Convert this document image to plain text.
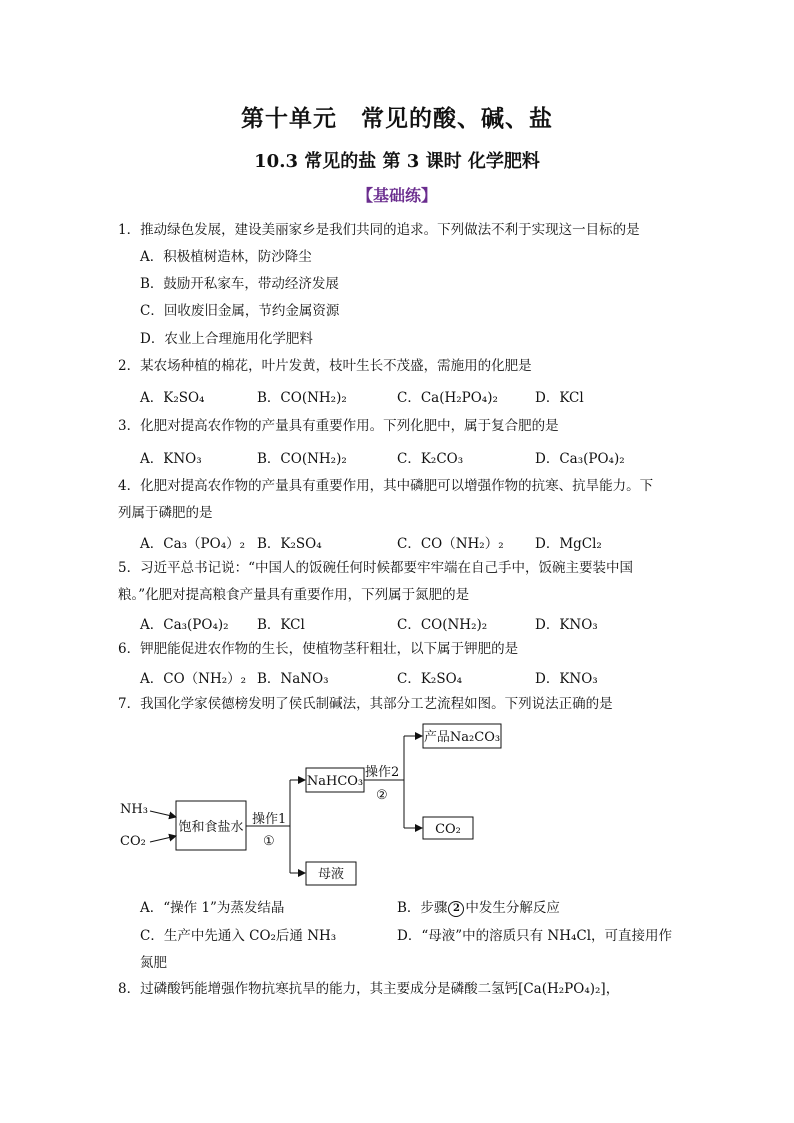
第十单元　常见的酸、碱、盐
10.3 常见的盐 第 3 课时 化学肥料
【基础练】
1．推动绿色发展，建设美丽家乡是我们共同的追求。下列做法不利于实现这一目标的是
A．积极植树造林，防沙降尘
B．鼓励开私家车，带动经济发展
C．回收废旧金属，节约金属资源
D．农业上合理施用化学肥料
2．某农场种植的棉花，叶片发黄，枝叶生长不茂盛，需施用的化肥是
A．K₂SO₄	B．CO(NH₂)₂	C．Ca(H₂PO₄)₂	D．KCl
3．化肥对提高农作物的产量具有重要作用。下列化肥中，属于复合肥的是
A．KNO₃	B．CO(NH₂)₂	C．K₂CO₃	D．Ca₃(PO₄)₂
4．化肥对提高农作物的产量具有重要作用，其中磷肥可以增强作物的抗寒、抗旱能力。下
列属于磷肥的是
A．Ca₃（PO₄）₂ B．K₂SO₄	C．CO（NH₂）₂ D．MgCl₂
5．习近平总书记说：“中国人的饭碗任何时候都要牢牢端在自己手中，饭碗主要装中国
粮。”化肥对提高粮食产量具有重要作用，下列属于氮肥的是
A．Ca₃(PO₄)₂ B．KCl	C．CO(NH₂)₂	D．KNO₃
6．钾肥能促进农作物的生长，使植物茎秆粗壮，以下属于钾肥的是
A．CO（NH₂）₂ B．NaNO₃	C．K₂SO₄	D．KNO₃
7．我国化学家侯德榜发明了侯氏制碱法，其部分工艺流程如图。下列说法正确的是
NH₃
CO₂
饱和食盐水
操作1
①
NaHCO₃
母液
操作2
②
产品Na₂CO₃
CO₂
A．“操作 1”为蒸发结晶	B．步骤 2 中发生分解反应
C．生产中先通入 CO₂后通 NH₃	D．“母液”中的溶质只有 NH₄Cl，可直接用作
氮肥
8．过磷酸钙能增强作物抗寒抗旱的能力，其主要成分是磷酸二氢钙[Ca(H₂PO₄)₂]，
